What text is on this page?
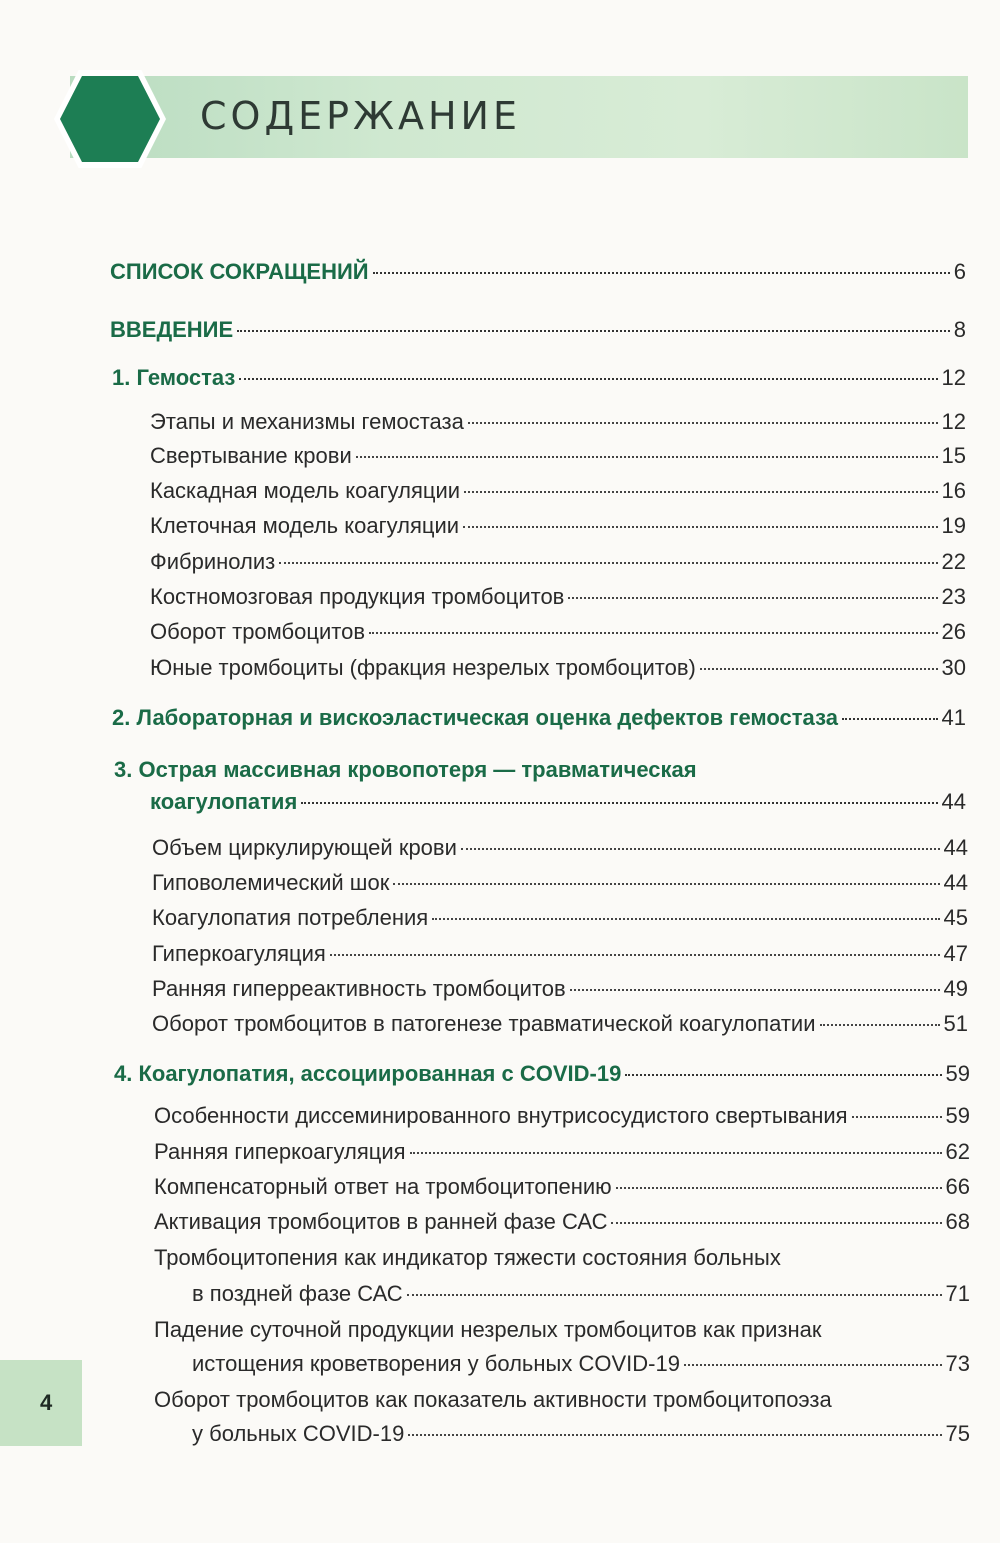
СОДЕРЖАНИЕ
СПИСОК СОКРАЩЕНИЙ	6
ВВЕДЕНИЕ	8
1. Гемостаз	12
Этапы и механизмы гемостаза	12
Свертывание крови	15
Каскадная модель коагуляции	16
Клеточная модель коагуляции	19
Фибринолиз	22
Костномозговая продукция тромбоцитов	23
Оборот тромбоцитов	26
Юные тромбоциты (фракция незрелых тромбоцитов)	30
2. Лабораторная и вискоэластическая оценка дефектов гемостаза	41
3. Острая массивная кровопотеря — травматическая
коагулопатия	44
Объем циркулирующей крови	44
Гиповолемический шок	44
Коагулопатия потребления	45
Гиперкоагуляция	47
Ранняя гиперреактивность тромбоцитов	49
Оборот тромбоцитов в патогенезе травматической коагулопатии	51
4. Коагулопатия, ассоциированная с COVID-19	59
Особенности диссеминированного внутрисосудистого свертывания	59
Ранняя гиперкоагуляция	62
Компенсаторный ответ на тромбоцитопению	66
Активация тромбоцитов в ранней фазе САС	68
Тромбоцитопения как индикатор тяжести состояния больных
в поздней фазе САС	71
Падение суточной продукции незрелых тромбоцитов как признак
истощения кроветворения у больных COVID-19	73
Оборот тромбоцитов как показатель активности тромбоцитопоэза
у больных COVID-19	75
4
